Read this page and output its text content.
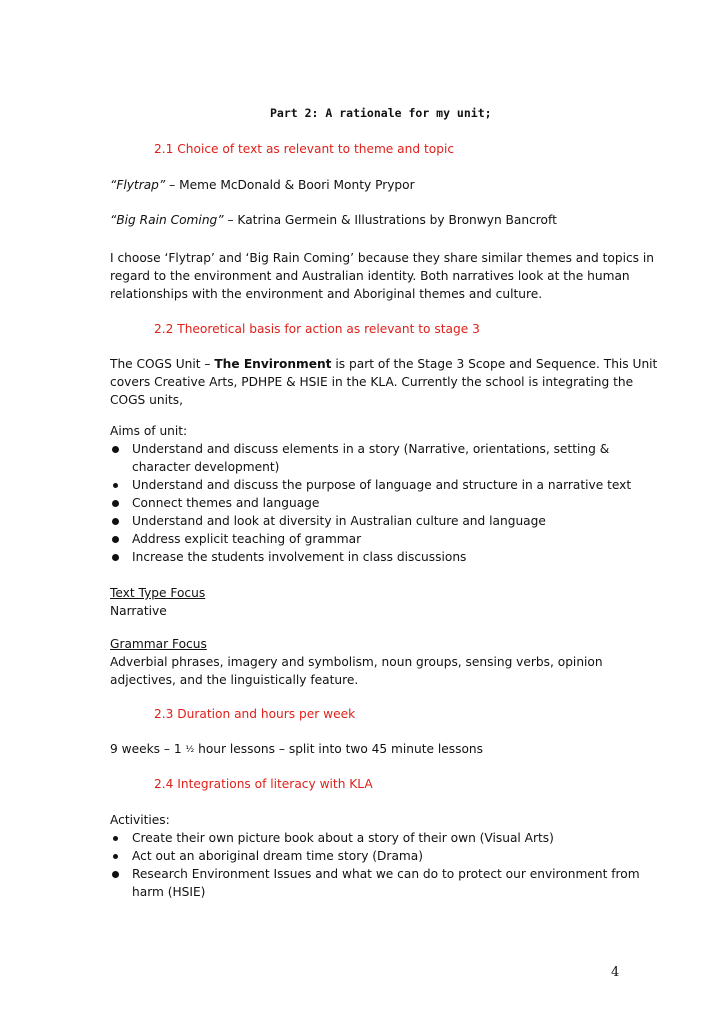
Part 2: A rationale for my unit;
2.1 Choice of text as relevant to theme and topic
“Flytrap” – Meme McDonald & Boori Monty Prypor
“Big Rain Coming” – Katrina Germein & Illustrations by Bronwyn Bancroft
I choose ‘Flytrap’ and ‘Big Rain Coming’ because they share similar themes and topics in
regard to the environment and Australian identity. Both narratives look at the human
relationships with the environment and Aboriginal themes and culture.
2.2 Theoretical basis for action as relevant to stage 3
The COGS Unit – The Environment is part of the Stage 3 Scope and Sequence. This Unit
covers Creative Arts, PDHPE & HSIE in the KLA. Currently the school is integrating the
COGS units,
Aims of unit:
Understand and discuss elements in a story (Narrative, orientations, setting &
character development)
Understand and discuss the purpose of language and structure in a narrative text
Connect themes and language
Understand and look at diversity in Australian culture and language
Address explicit teaching of grammar
Increase the students involvement in class discussions
Text Type Focus
Narrative
Grammar Focus
Adverbial phrases, imagery and symbolism, noun groups, sensing verbs, opinion
adjectives, and the linguistically feature.
2.3 Duration and hours per week
9 weeks – 1 ½ hour lessons – split into two 45 minute lessons
2.4 Integrations of literacy with KLA
Activities:
Create their own picture book about a story of their own (Visual Arts)
Act out an aboriginal dream time story (Drama)
Research Environment Issues and what we can do to protect our environment from
harm (HSIE)
4
